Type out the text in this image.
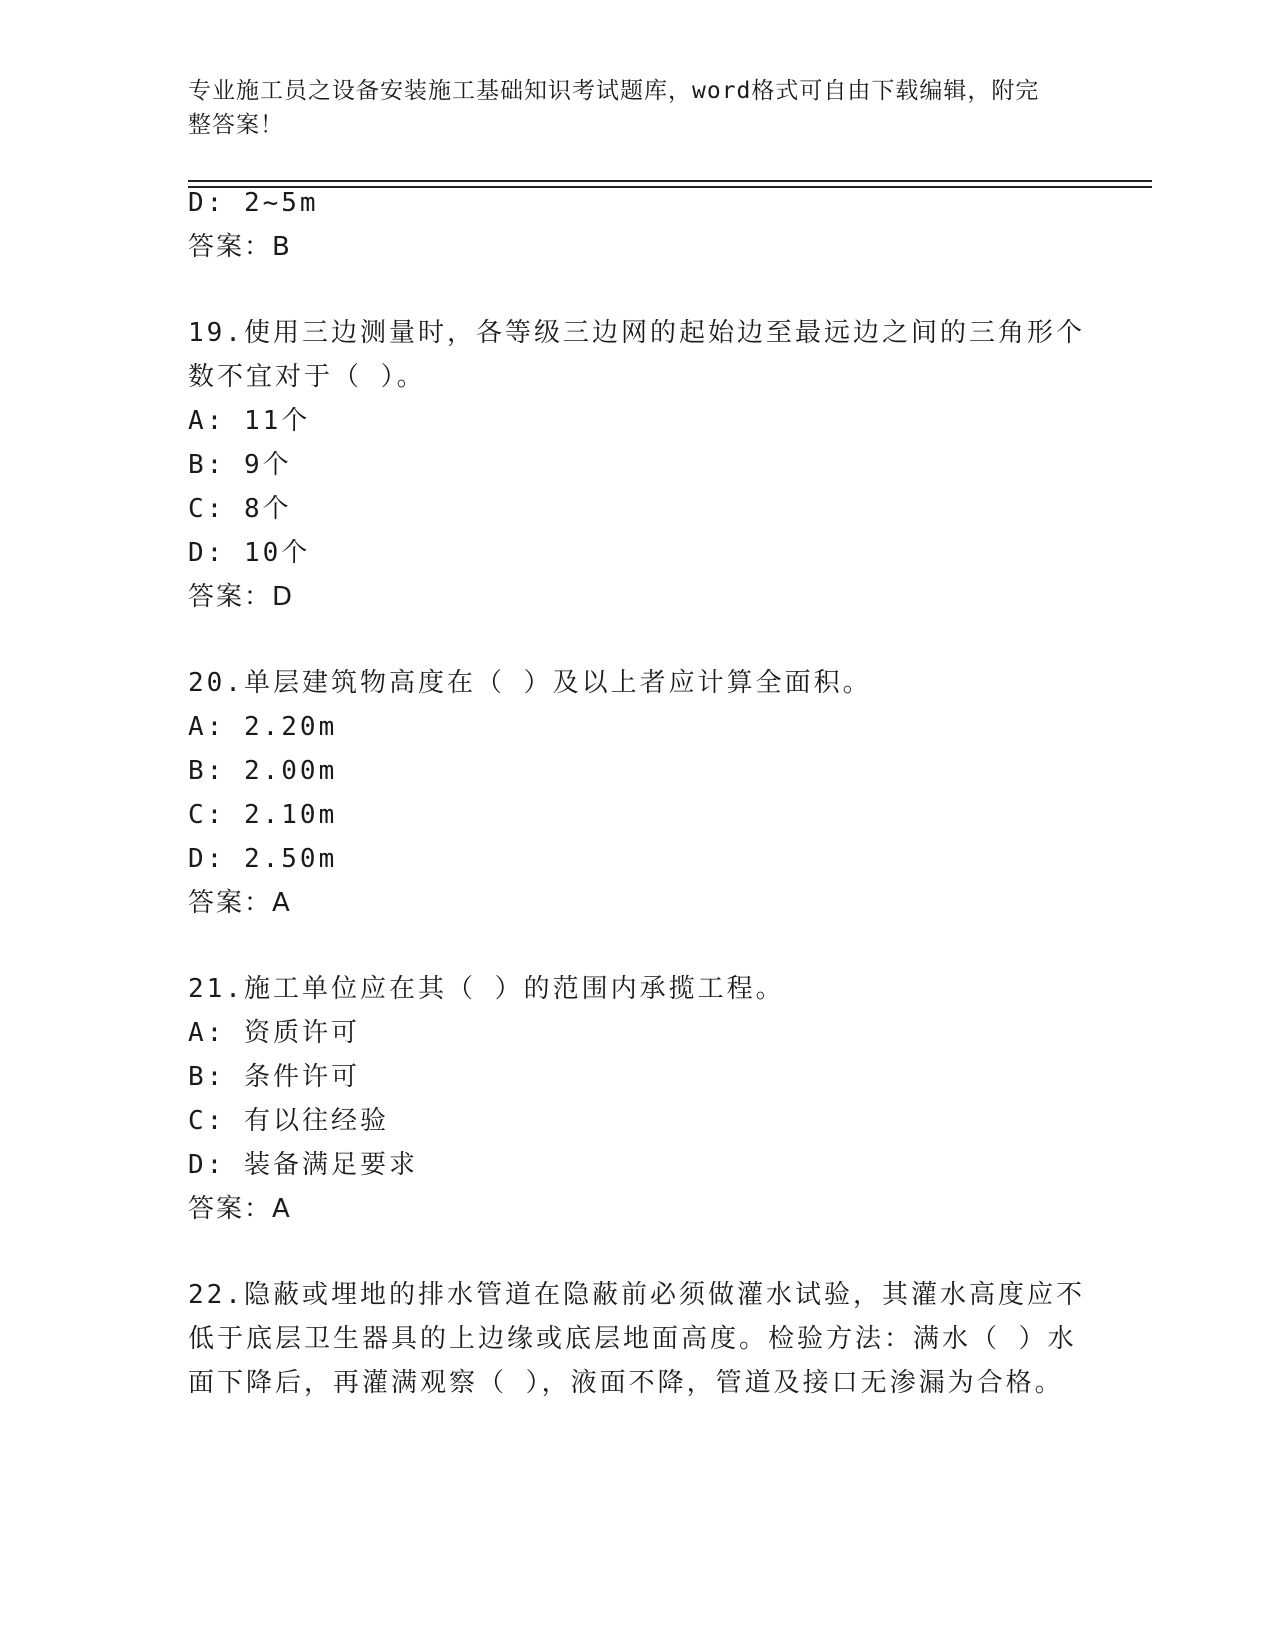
专业施工员之设备安装施工基础知识考试题库，word格式可自由下载编辑，附完
整答案！
D: 2~5m
答案：B
19.使用三边测量时，各等级三边网的起始边至最远边之间的三角形个
数不宜对于（ ）。
A: 11个
B: 9个
C: 8个
D: 10个
答案：D
20.单层建筑物高度在（ ）及以上者应计算全面积。
A: 2.20m
B: 2.00m
C: 2.10m
D: 2.50m
答案：A
21.施工单位应在其（ ）的范围内承揽工程。
A: 资质许可
B: 条件许可
C: 有以往经验
D: 装备满足要求
答案：A
22.隐蔽或埋地的排水管道在隐蔽前必须做灌水试验，其灌水高度应不
低于底层卫生器具的上边缘或底层地面高度。检验方法：满水（ ）水
面下降后，再灌满观察（ ），液面不降，管道及接口无渗漏为合格。
